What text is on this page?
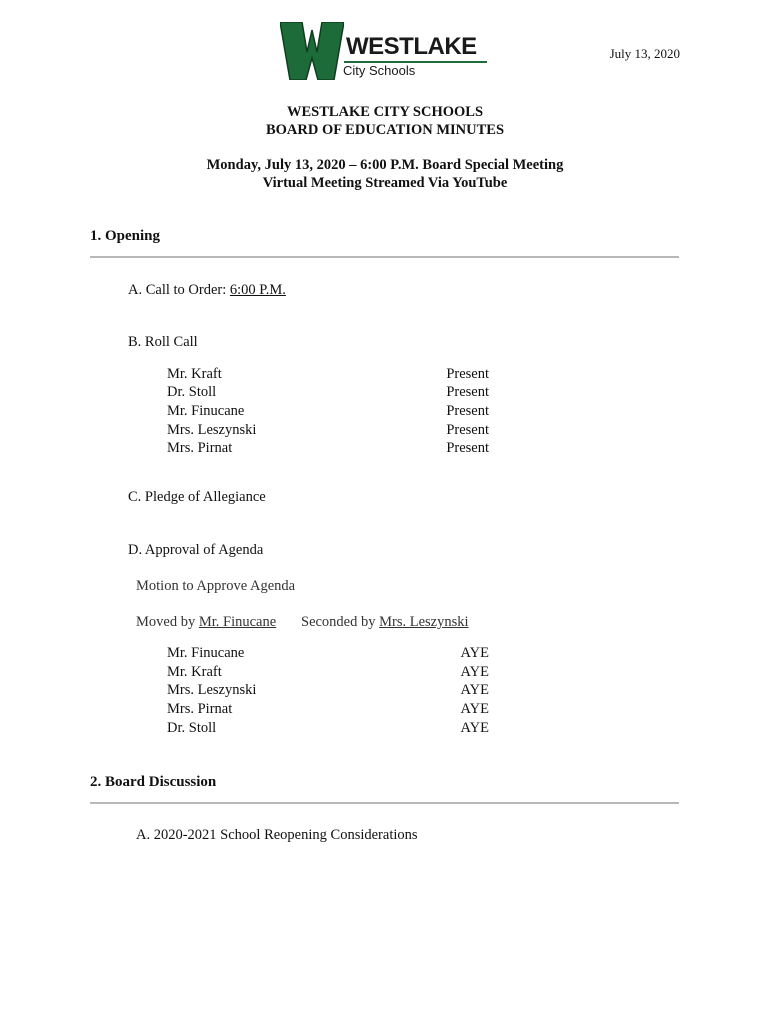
WESTLAKE
City Schools
July 13, 2020
WESTLAKE CITY SCHOOLS
BOARD OF EDUCATION MINUTES
Monday, July 13, 2020 – 6:00 P.M. Board Special Meeting
Virtual Meeting Streamed Via YouTube
1. Opening
A. Call to Order: 6:00 P.M.
B. Roll Call
Mr. Kraft	Present
Dr. Stoll	Present
Mr. Finucane	Present
Mrs. Leszynski	Present
Mrs. Pirnat	Present
C. Pledge of Allegiance
D. Approval of Agenda
Motion to Approve Agenda
Moved by Mr. Finucane Seconded by Mrs. Leszynski
Mr. Finucane	AYE
Mr. Kraft	AYE
Mrs. Leszynski	AYE
Mrs. Pirnat	AYE
Dr. Stoll	AYE
2. Board Discussion
A. 2020-2021 School Reopening Considerations
